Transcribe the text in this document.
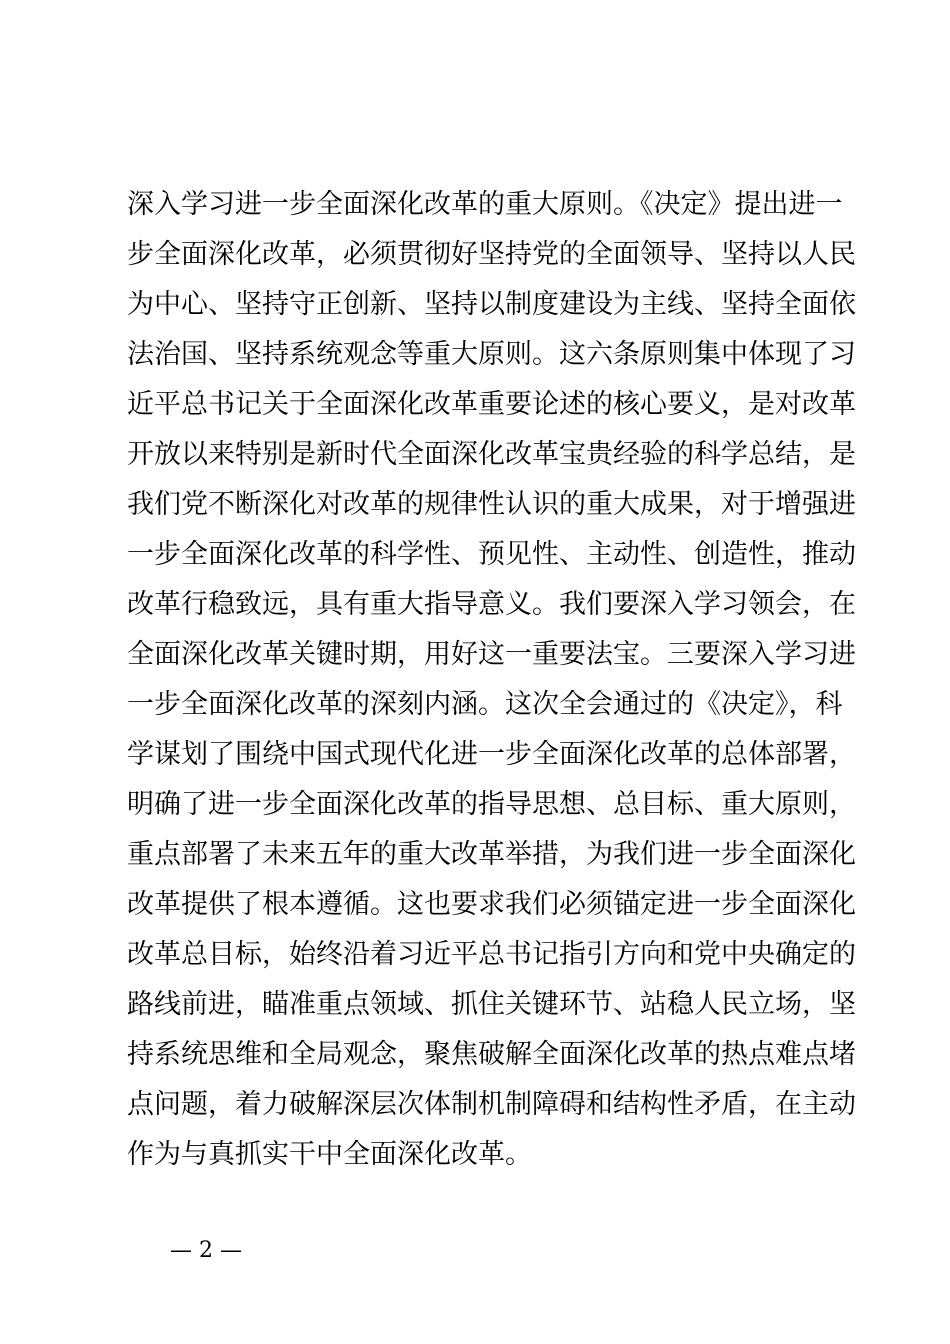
深入学习进一步全面深化改革的重大原则。《决定》提出进一
步全面深化改革，必须贯彻好坚持党的全面领导、坚持以人民
为中心、坚持守正创新、坚持以制度建设为主线、坚持全面依
法治国、坚持系统观念等重大原则。这六条原则集中体现了习
近平总书记关于全面深化改革重要论述的核心要义，是对改革
开放以来特别是新时代全面深化改革宝贵经验的科学总结，是
我们党不断深化对改革的规律性认识的重大成果，对于增强进
一步全面深化改革的科学性、预见性、主动性、创造性，推动
改革行稳致远，具有重大指导意义。我们要深入学习领会，在
全面深化改革关键时期，用好这一重要法宝。三要深入学习进
一步全面深化改革的深刻内涵。这次全会通过的《决定》，科
学谋划了围绕中国式现代化进一步全面深化改革的总体部署，
明确了进一步全面深化改革的指导思想、总目标、重大原则，
重点部署了未来五年的重大改革举措，为我们进一步全面深化
改革提供了根本遵循。这也要求我们必须锚定进一步全面深化
改革总目标，始终沿着习近平总书记指引方向和党中央确定的
路线前进，瞄准重点领域、抓住关键环节、站稳人民立场，坚
持系统思维和全局观念，聚焦破解全面深化改革的热点难点堵
点问题，着力破解深层次体制机制障碍和结构性矛盾，在主动
作为与真抓实干中全面深化改革。
— 2 —
